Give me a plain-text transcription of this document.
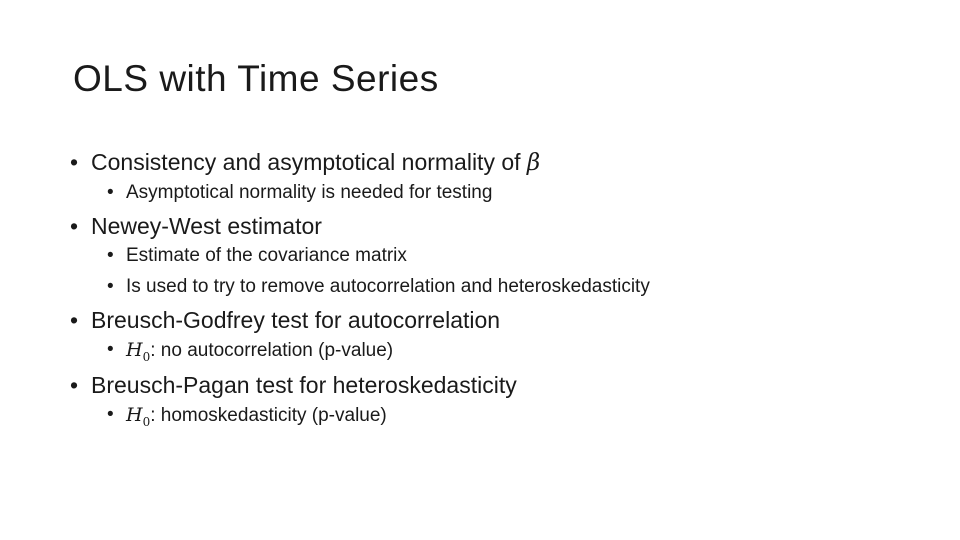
OLS with Time Series
• Consistency and asymptotical normality of β
• Asymptotical normality is needed for testing
• Newey-West estimator
• Estimate of the covariance matrix
• Is used to try to remove autocorrelation and heteroskedasticity
• Breusch-Godfrey test for autocorrelation
• $H_0$: no autocorrelation (p-value)
• Breusch-Pagan test for heteroskedasticity
• $H_0$: homoskedasticity (p-value)
